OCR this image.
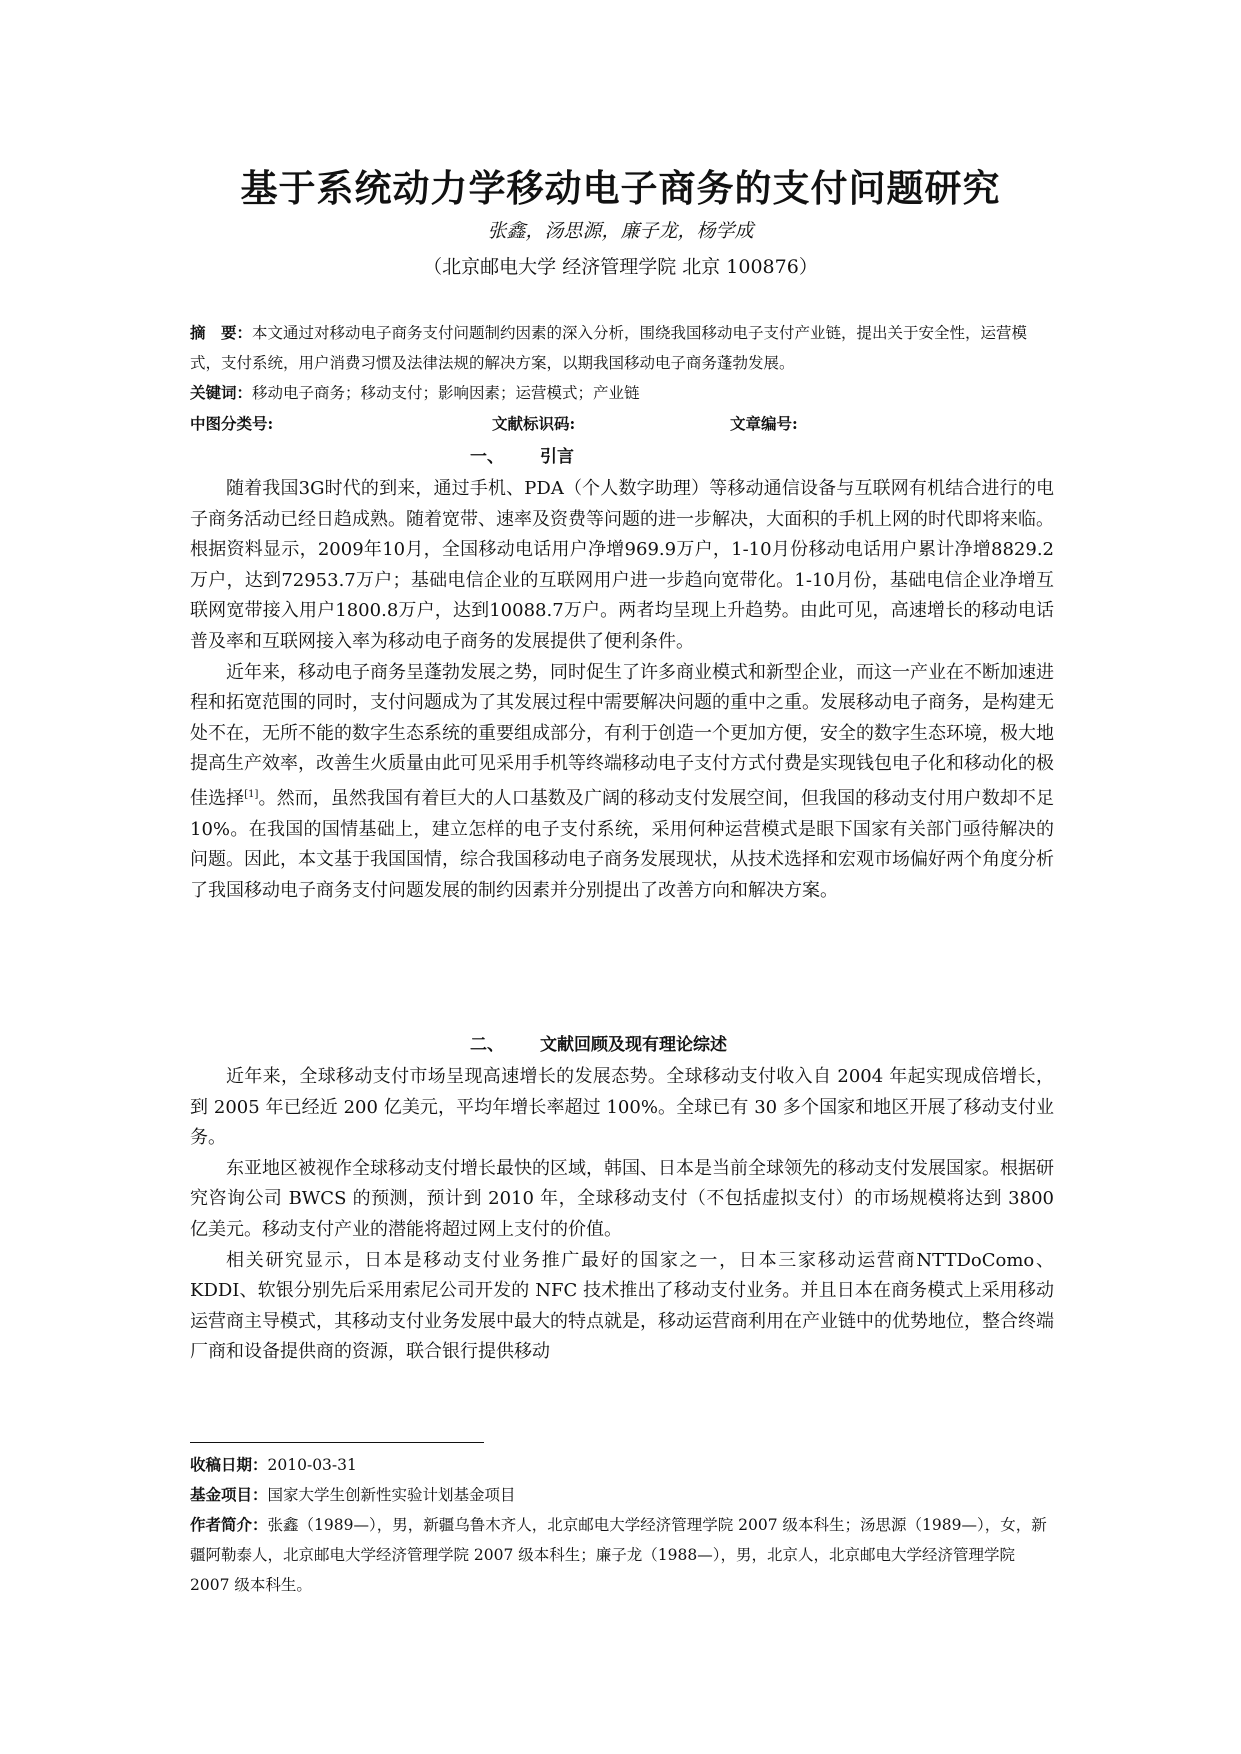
基于系统动力学移动电子商务的支付问题研究
张鑫，汤思源，廉子龙，杨学成
（北京邮电大学 经济管理学院 北京 100876）
摘　要：本文通过对移动电子商务支付问题制约因素的深入分析，围绕我国移动电子支付产业链，提出关于安全性，运营模式，支付系统，用户消费习惯及法律法规的解决方案，以期我国移动电子商务蓬勃发展。
关键词：移动电子商务；移动支付；影响因素；运营模式；产业链
中图分类号:	文献标识码:	文章编号:
一、 引言

随着我国3G时代的到来，通过手机、PDA（个人数字助理）等移动通信设备与互联网有机结合进行的电子商务活动已经日趋成熟。随着宽带、速率及资费等问题的进一步解决，大面积的手机上网的时代即将来临。根据资料显示，2009年10月，全国移动电话用户净增969.9万户，1-10月份移动电话用户累计净增8829.2万户，达到72953.7万户；基础电信企业的互联网用户进一步趋向宽带化。1-10月份，基础电信企业净增互联网宽带接入用户1800.8万户，达到10088.7万户。两者均呈现上升趋势。由此可见，高速增长的移动电话普及率和互联网接入率为移动电子商务的发展提供了便利条件。

近年来，移动电子商务呈蓬勃发展之势，同时促生了许多商业模式和新型企业，而这一产业在不断加速进程和拓宽范围的同时，支付问题成为了其发展过程中需要解决问题的重中之重。发展移动电子商务，是构建无处不在，无所不能的数字生态系统的重要组成部分，有利于创造一个更加方便，安全的数字生态环境，极大地提高生产效率，改善生火质量由此可见采用手机等终端移动电子支付方式付费是实现钱包电子化和移动化的极佳选择[1]。然而，虽然我国有着巨大的人口基数及广阔的移动支付发展空间，但我国的移动支付用户数却不足10%。在我国的国情基础上，建立怎样的电子支付系统，采用何种运营模式是眼下国家有关部门亟待解决的问题。因此，本文基于我国国情，综合我国移动电子商务发展现状，从技术选择和宏观市场偏好两个角度分析了我国移动电子商务支付问题发展的制约因素并分别提出了改善方向和解决方案。

二、 文献回顾及现有理论综述

近年来，全球移动支付市场呈现高速增长的发展态势。全球移动支付收入自 2004 年起实现成倍增长，到 2005 年已经近 200 亿美元，平均年增长率超过 100%。全球已有 30 多个国家和地区开展了移动支付业务。

东亚地区被视作全球移动支付增长最快的区域，韩国、日本是当前全球领先的移动支付发展国家。根据研究咨询公司 BWCS 的预测，预计到 2010 年，全球移动支付（不包括虚拟支付）的市场规模将达到 3800 亿美元。移动支付产业的潜能将超过网上支付的价值。

相关研究显示，日本是移动支付业务推广最好的国家之一，日本三家移动运营商NTTDoComo、KDDI、软银分别先后采用索尼公司开发的 NFC 技术推出了移动支付业务。并且日本在商务模式上采用移动运营商主导模式，其移动支付业务发展中最大的特点就是，移动运营商利用在产业链中的优势地位，整合终端厂商和设备提供商的资源，联合银行提供移动

收稿日期：2010-03-31
基金项目：国家大学生创新性实验计划基金项目
作者简介：张鑫（1989—），男，新疆乌鲁木齐人，北京邮电大学经济管理学院 2007 级本科生；汤思源（1989—），女，新疆阿勒泰人，北京邮电大学经济管理学院 2007 级本科生；廉子龙（1988—），男，北京人，北京邮电大学经济管理学院 2007 级本科生。
